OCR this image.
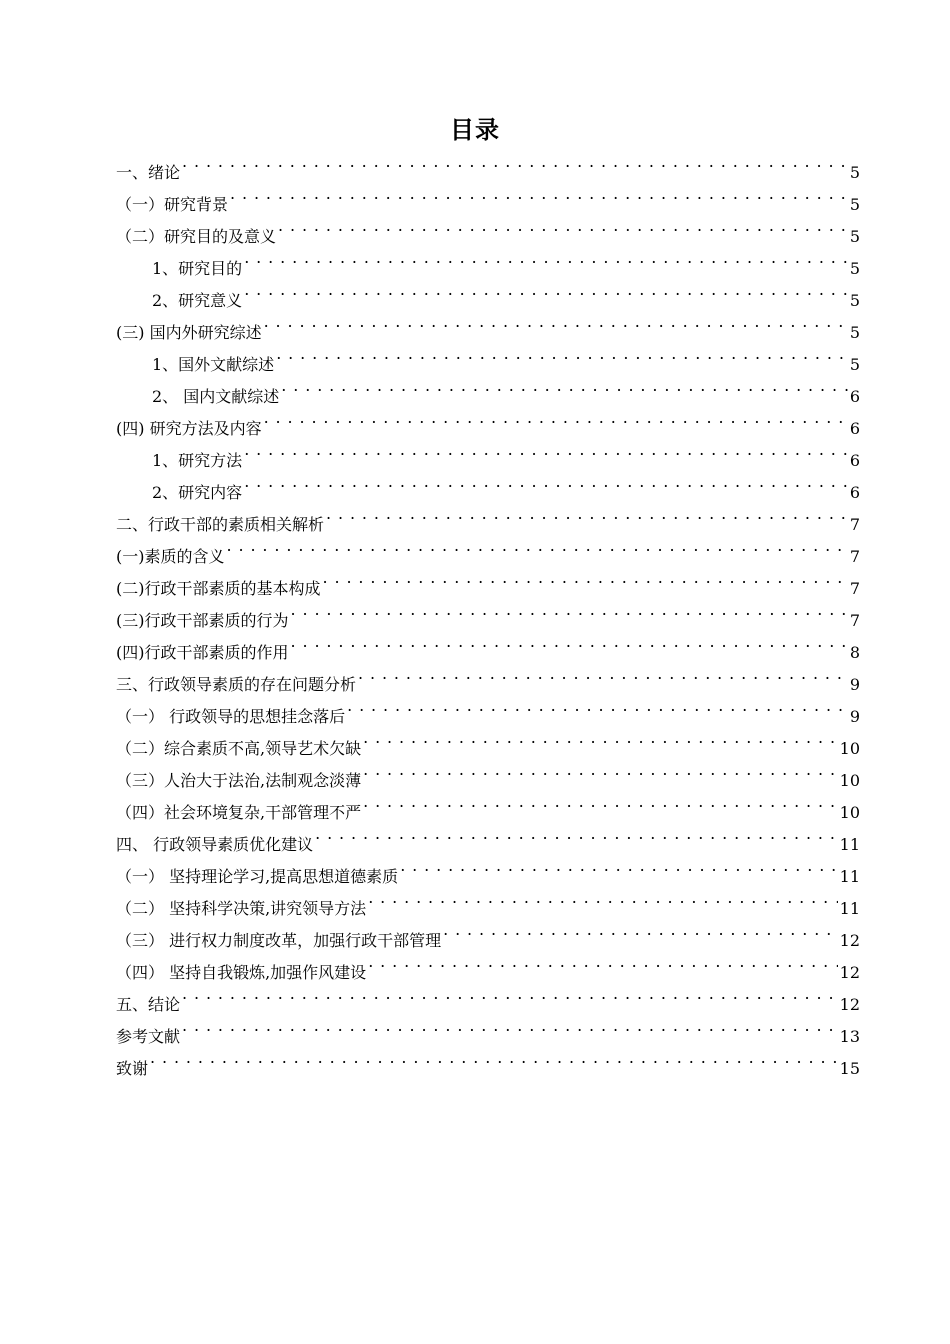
目录
一、绪论 . . .	5
（一）研究背景 . . .	5
（二）研究目的及意义 . . .	5
1、研究目的 . . .	5
2、研究意义 . . .	5
(三) 国内外研究综述 . . .	5
1、国外文献综述 . . .	5
2、 国内文献综述 . . .	6
(四) 研究方法及内容 . . .	6
1、研究方法 . . .	6
2、研究内容 . . .	6
二、行政干部的素质相关解析 . . .	7
(一)素质的含义 . . .	7
(二)行政干部素质的基本构成 . . .	7
(三)行政干部素质的行为 . . .	7
(四)行政干部素质的作用 . . .	8
三、行政领导素质的存在问题分析 . . .	9
（一） 行政领导的思想挂念落后 . . .	9
（二）综合素质不高,领导艺术欠缺 . . .	10
（三）人治大于法治,法制观念淡薄 . . .	10
（四）社会环境复杂,干部管理不严 . . .	10
四、 行政领导素质优化建议 . . .	11
（一） 坚持理论学习,提高思想道德素质 . . .	11
（二） 坚持科学决策,讲究领导方法 . . .	11
（三） 进行权力制度改革，加强行政干部管理 . . .	12
（四） 坚持自我锻炼,加强作风建设 . . .	12
五、结论 . . .	12
参考文献 . . .	13
致谢 . . .	15
